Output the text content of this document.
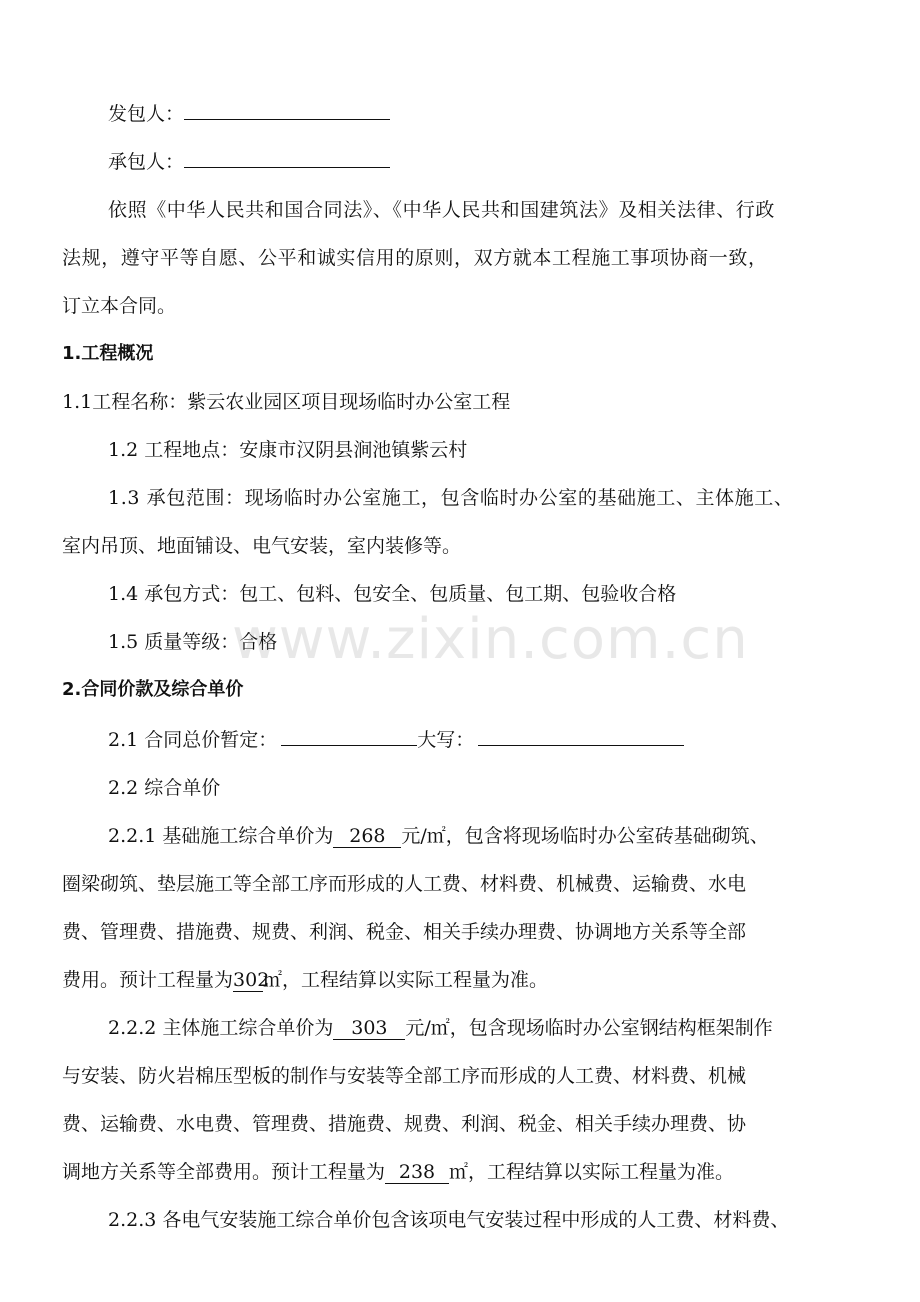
发包人：
承包人：
依照《中华人民共和国合同法》、《中华人民共和国建筑法》及相关法律、行政
法规，遵守平等自愿、公平和诚实信用的原则，双方就本工程施工事项协商一致，
订立本合同。
1.工程概况
1.1工程名称：紫云农业园区项目现场临时办公室工程
1.2 工程地点：安康市汉阴县涧池镇紫云村
1.3 承包范围：现场临时办公室施工，包含临时办公室的基础施工、主体施工、
室内吊顶、地面铺设、电气安装，室内装修等。
1.4 承包方式：包工、包料、包安全、包质量、包工期、包验收合格
1.5 质量等级：合格
2.合同价款及综合单价
2.1 合同总价暂定：	大写：
2.2 综合单价
2.2.1 基础施工综合单价为 268 元/㎡，包含将现场临时办公室砖基础砌筑、
圈梁砌筑、垫层施工等全部工序而形成的人工费、材料费、机械费、运输费、水电
费、管理费、措施费、规费、利润、税金、相关手续办理费、协调地方关系等全部
费用。预计工程量为302㎡，工程结算以实际工程量为准。
2.2.2 主体施工综合单价为 303 元/㎡，包含现场临时办公室钢结构框架制作
与安装、防火岩棉压型板的制作与安装等全部工序而形成的人工费、材料费、机械
费、运输费、水电费、管理费、措施费、规费、利润、税金、相关手续办理费、协
调地方关系等全部费用。预计工程量为 238 ㎡，工程结算以实际工程量为准。
2.2.3 各电气安装施工综合单价包含该项电气安装过程中形成的人工费、材料费、
www.zixin.com.cn
